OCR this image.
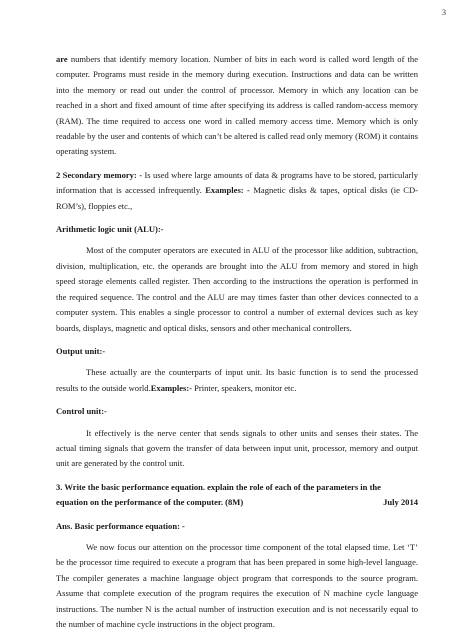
3

are numbers that identify memory location. Number of bits in each word is called word length of the computer. Programs must reside in the memory during execution. Instructions and data can be written into the memory or read out under the control of processor. Memory in which any location can be reached in a short and fixed amount of time after specifying its address is called random-access memory (RAM). The time required to access one word in called memory access time. Memory which is only readable by the user and contents of which can’t be altered is called read only memory (ROM) it contains operating system.

2 Secondary memory: - Is used where large amounts of data & programs have to be stored, particularly information that is accessed infrequently. Examples: - Magnetic disks & tapes, optical disks (ie CD-ROM’s), floppies etc.,

Arithmetic logic unit (ALU):-

Most of the computer operators are executed in ALU of the processor like addition, subtraction, division, multiplication, etc. the operands are brought into the ALU from memory and stored in high speed storage elements called register. Then according to the instructions the operation is performed in the required sequence. The control and the ALU are may times faster than other devices connected to a computer system. This enables a single processor to control a number of external devices such as key boards, displays, magnetic and optical disks, sensors and other mechanical controllers.

Output unit:-

These actually are the counterparts of input unit. Its basic function is to send the processed results to the outside world.Examples:- Printer, speakers, monitor etc.

Control unit:-

It effectively is the nerve center that sends signals to other units and senses their states. The actual timing signals that govern the transfer of data between input unit, processor, memory and output unit are generated by the control unit.

3. Write the basic performance equation. explain the role of each of the parameters in the

equation on the performance of the computer. (8M)	July 2014

Ans. Basic performance equation: -

We now focus our attention on the processor time component of the total elapsed time. Let ‘T’ be the processor time required to execute a program that has been prepared in some high-level language. The compiler generates a machine language object program that corresponds to the source program. Assume that complete execution of the program requires the execution of N machine cycle language instructions. The number N is the actual number of instruction execution and is not necessarily equal to the number of machine cycle instructions in the object program.
